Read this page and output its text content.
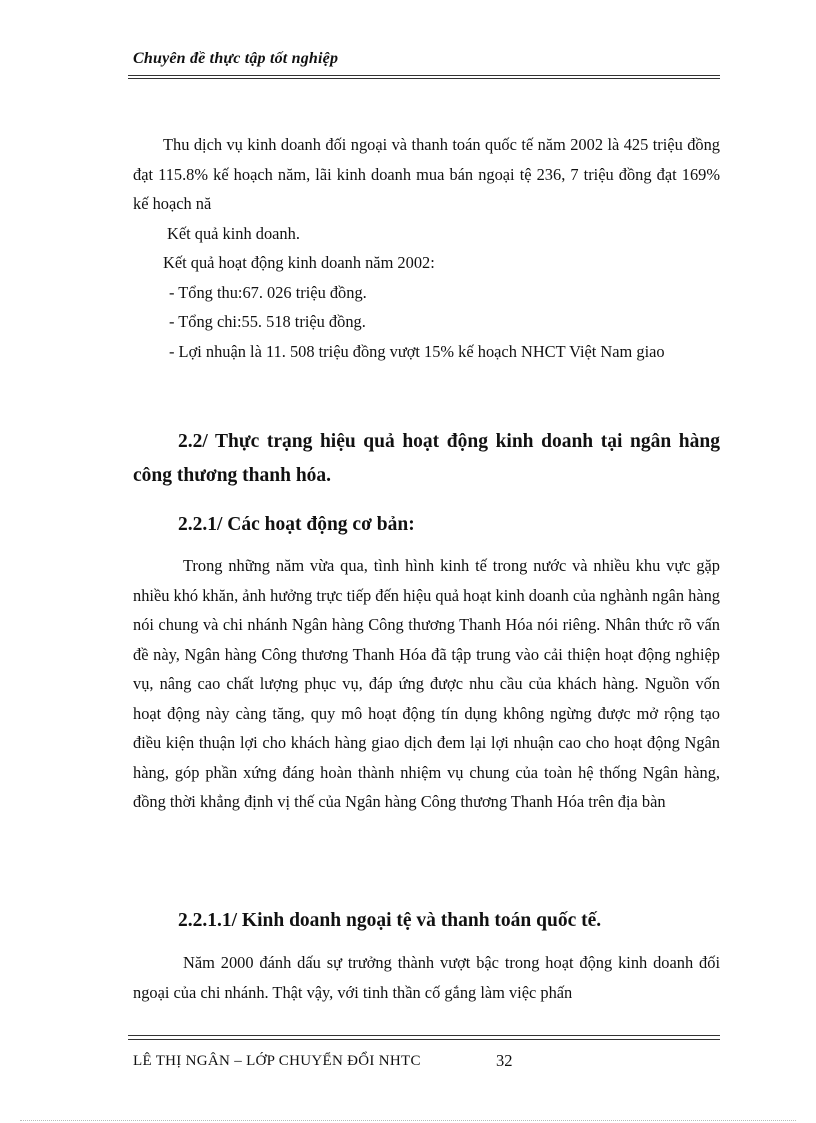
Chuyên đề thực tập tốt nghiệp

Thu dịch vụ kinh doanh đối ngoại và thanh toán quốc tế năm 2002 là 425 triệu đồng đạt 115.8% kế hoạch năm, lãi kinh doanh mua bán ngoại tệ 236, 7 triệu đồng đạt 169% kế hoạch nă

Kết quả kinh doanh.

Kết quả hoạt động kinh doanh năm 2002:

- Tổng thu:67. 026 triệu đồng.

- Tổng chi:55. 518 triệu đồng.

- Lợi nhuận là 11. 508 triệu đồng vượt 15% kế hoạch NHCT Việt Nam giao

2.2/ Thực trạng hiệu quả hoạt động kinh doanh tại ngân hàng công thương thanh hóa.

2.2.1/ Các hoạt động cơ bản:

Trong những năm vừa qua, tình hình kinh tế trong nước và nhiều khu vực gặp nhiều khó khăn, ảnh hưởng trực tiếp đến hiệu quả hoạt kinh doanh của nghành ngân hàng nói chung và chi nhánh Ngân hàng Công thương Thanh Hóa nói riêng. Nhân thức rõ vấn đề này, Ngân hàng Công thương Thanh Hóa đã tập trung vào cải thiện hoạt động nghiệp vụ, nâng cao chất lượng phục vụ, đáp ứng được nhu cầu của khách hàng. Nguồn vốn hoạt động này càng tăng, quy mô hoạt động tín dụng không ngừng được mở rộng tạo điều kiện thuận lợi cho khách hàng giao dịch đem lại lợi nhuận cao cho hoạt động Ngân hàng, góp phần xứng đáng hoàn thành nhiệm vụ chung của toàn hệ thống Ngân hàng, đồng thời khẳng định vị thế của Ngân hàng Công thương Thanh Hóa trên địa bàn

2.2.1.1/ Kinh doanh ngoại tệ và thanh toán quốc tế.

Năm 2000 đánh dấu sự trưởng thành vượt bậc trong hoạt động kinh doanh đối ngoại của chi nhánh. Thật vậy, với tinh thần cố gắng làm việc phấn

LÊ THỊ NGÂN – LỚP CHUYỂN ĐỔI NHTC	32
